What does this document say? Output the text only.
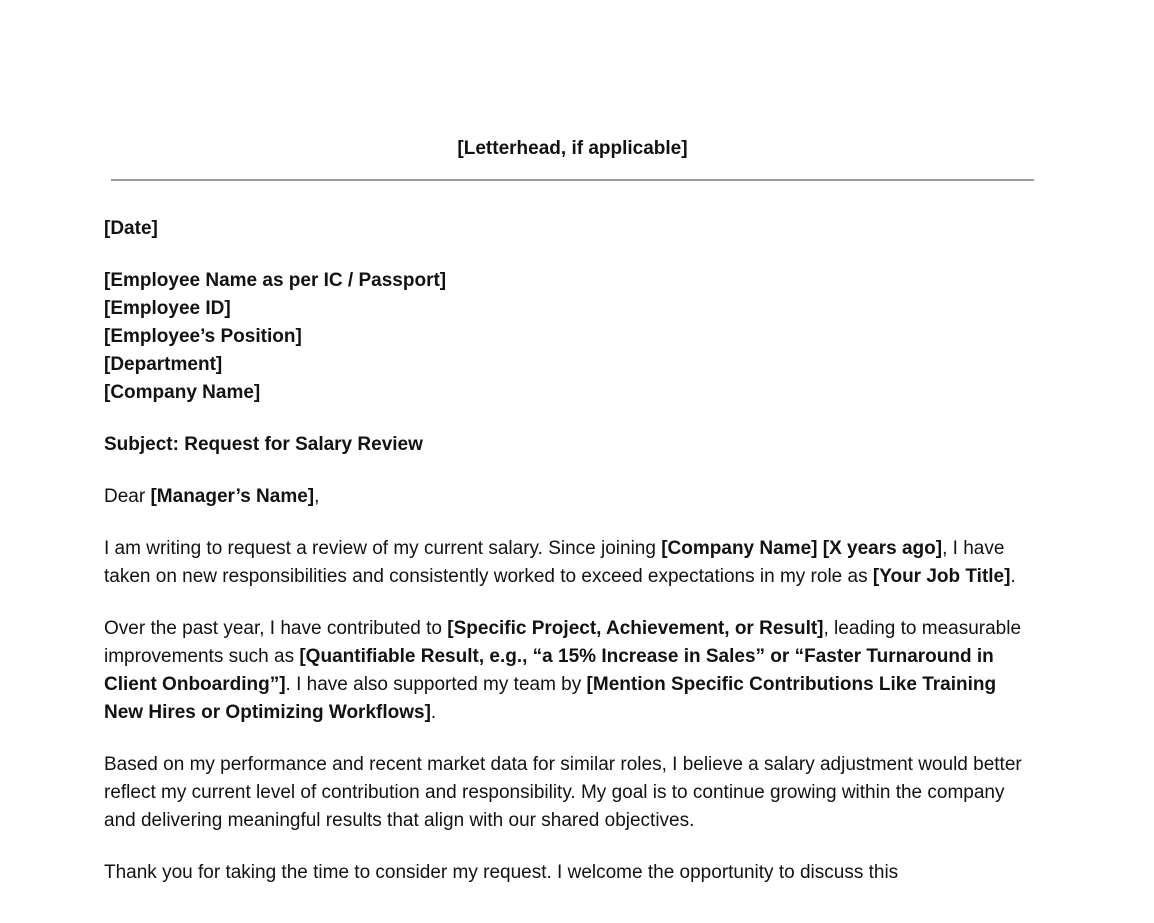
[Letterhead, if applicable]
[Date]
[Employee Name as per IC / Passport]
[Employee ID]
[Employee’s Position]
[Department]
[Company Name]
Subject: Request for Salary Review
Dear [Manager’s Name],

I am writing to request a review of my current salary. Since joining [Company Name] [X years ago], I have taken on new responsibilities and consistently worked to exceed expectations in my role as [Your Job Title].

Over the past year, I have contributed to [Specific Project, Achievement, or Result], leading to measurable improvements such as [Quantifiable Result, e.g., “a 15% Increase in Sales” or “Faster Turnaround in Client Onboarding”]. I have also supported my team by [Mention Specific Contributions Like Training New Hires or Optimizing Workflows].

Based on my performance and recent market data for similar roles, I believe a salary adjustment would better reflect my current level of contribution and responsibility. My goal is to continue growing within the company and delivering meaningful results that align with our shared objectives.

Thank you for taking the time to consider my request. I welcome the opportunity to discuss this
